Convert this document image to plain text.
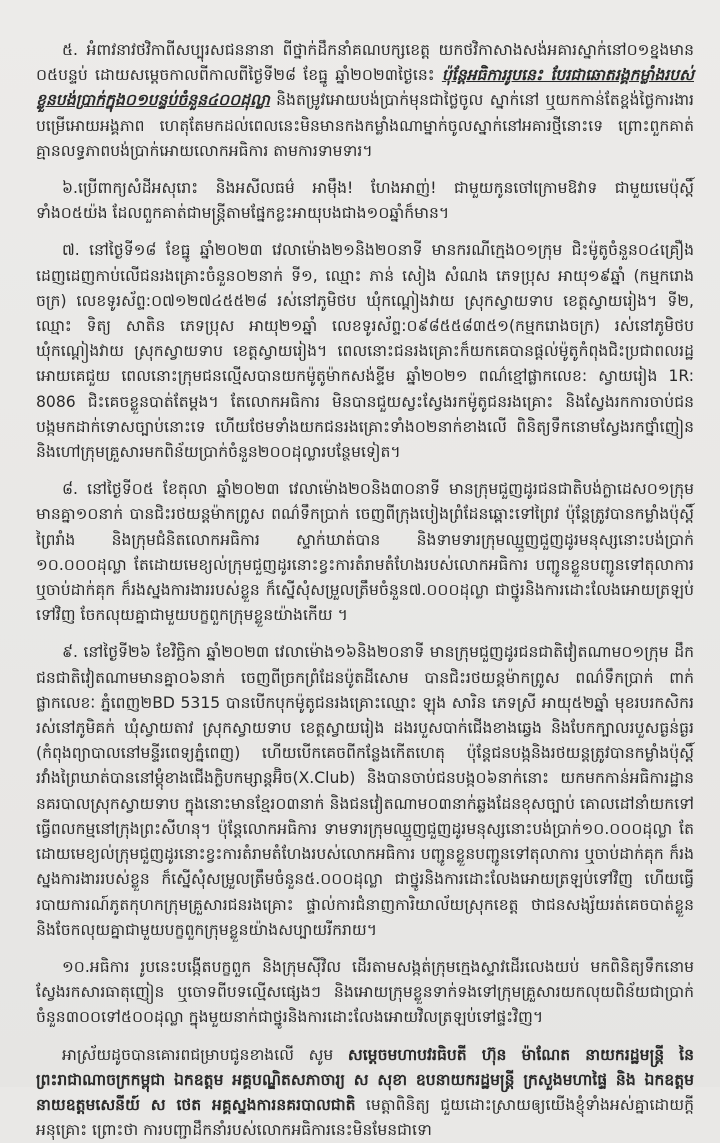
៥. អំពាវនាវថវិកាពីសប្បុរសជននានា ពីថ្នាក់ដឹកនាំគណបក្សខេត្ត យកថវិកាសាងសង់អគារស្នាក់នៅ០១ខ្នងមាន ០៥បន្ទប់ ដោយសម្តេចកាលពីកាលពីថ្ងៃទី២៨ ខែធ្នូ ឆ្នាំ២០២៣ថ្ងៃនេះ ប៉ុន្តែអធិការរូបនេះ បែរជាឆោតរង្គកម្លាំងរបស់ខ្លួនបង់ប្រាក់ក្នុង០១បន្ទប់ចំនួន៤០០ដុល្លា និងតម្រូវអោយបង់ប្រាក់មុនជាថ្លៃចូល ស្នាក់នៅ ឬយកកាន់តែខ្ពង់ថ្លៃការងារបម្រើអោយអង្គភាព ហេតុតែមកដល់ពេលនេះមិនមានកងកម្លាំងណាម្នាក់ចូលស្នាក់នៅអគារថ្មីនោះទេ ព្រោះពួកគាត់គ្មានលទ្ធភាពបង់ប្រាក់អោយលោកអធិការ តាមការទាមទារ។

៦.ប្រើពាក្យសំដីអសុរោះ និងអសីលធម៌ អាម៉ឹង! ហែងអាញ់! ជាមួយកូនចៅក្រោមឱវាទ ជាមួយមេប៉ុស្តិ៍ទាំង០៥យ៉ង ដែលពួកគាត់ជាមន្ត្រីតាមផ្នែកខ្លះអាយុបងជាង១០ឆ្នាំក៏មាន។

៧. នៅថ្ងៃទី១៨ ខែធ្នូ ឆ្នាំ២០២៣ វេលាម៉ោង២១និង២០នាទី មានករណីក្មេង០១ក្រុម ជិះម៉ូតូចំនួន០៤គ្រឿង ដេញដេញកាប់លើជនរងគ្រោះចំនួន០២នាក់ ទី១, ឈ្មោះ ភាន់ សៀង សំណង ភេទប្រុស អាយុ១៩ឆ្នាំ (កម្មករោងចក្រ) លេខទូរស័ព្ទ:០៧១២៧៤៥៥២៨ រស់នៅភូមិថប ឃុំកណ្តៀងវាយ ស្រុកស្វាយទាប ខេត្តស្វាយរៀង។ ទី២, ឈ្មោះ ទិត្យ សាតិន ភេទប្រុស អាយុ២១ឆ្នាំ លេខទូរស័ព្ទ:០៩៨៥៥៨៣៥១(កម្មករោងចក្រ) រស់នៅភូមិថប ឃុំកណ្តៀងវាយ ស្រុកស្វាយទាប ខេត្តស្វាយរៀង។ ពេលនោះជនរងគ្រោះក៏យកគេបានផ្តល់ម៉ូតូកំពុងជិះប្រជាពលរដ្ឋអោយគេជួយ ពេលនោះក្រុមជនល្មើសបានយកម៉ូតូម៉ាកសង់ខ្ទីម ឆ្នាំ២០២១ ពណ៌ខ្មៅផ្លាកលេខ: ស្វាយរៀង 1R: 8086 ជិះគេចខ្លួនបាត់តែម្តង។ តែលោកអធិការ មិនបានជួយស្វះស្វែងរកម៉ូតូជនរងគ្រោះ និងស្វែងរកការចាប់ជនបង្កមកដាក់ទោសច្បាប់នោះទេ ហើយថែមទាំងយកជនរងគ្រោះទាំង០២នាក់ខាងលើ ពិនិត្យទឹកនោមស្វែងរកថ្នាំញៀន និងហៅក្រុមគ្រួសារមកពិន័យប្រាក់ចំនួន២០០ដុល្លារបន្ថែមទៀត។

៨. នៅថ្ងៃទី០៥ ខែតុលា ឆ្នាំ២០២៣ វេលាម៉ោង២០និង៣០នាទី មានក្រុមជួញដូរជនជាតិបង់ក្លាដេស០១ក្រុម មានគ្នា១០នាក់ បានជិះរថយន្តម៉ាកព្រូស ពណ៌ទឹកប្រាក់ ចេញពីក្រុងបៀងព្រំដែនឆ្ពោះទៅព្រៃវ ប៉ុន្តែត្រូវបានកម្លាំងប៉ុស្តិ៍ព្រៃរាំង និងក្រុមជំនិតលោកអធិការ ស្ទាក់ឃាត់បាន និងទាមទារក្រុមឈ្មួញជួញដូរមនុស្សនោះបង់ប្រាក់ ១០.០០០ដុល្លា តែដោយមេខ្យល់ក្រុមជួញដូរនោះខ្វះការតំរាមតំហែងរបស់លោកអធិការ បញ្ជូនខ្លួនបញ្ជូនទៅតុលាការ ឬចាប់ដាក់គុក ក៏រងស្នងការងាររបស់ខ្លួន ក៏ស្នើសុំសម្រួលត្រឹមចំនួន៧.០០០ដុល្លា ជាថ្នូរនិងការដោះលែងអោយត្រឡប់ទៅវិញ ចែកលុយគ្នាជាមួយបក្ខពួកក្រុមខ្លួនយ៉ាងកើយ ។

៩. នៅថ្ងៃទី២៦ ខែវិច្ឆិកា ឆ្នាំ២០២៣ វេលាម៉ោង១៦និង២០នាទី មានក្រុមជួញដូរជនជាតិវៀតណាម០១ក្រុម ដឹកជនជាតិវៀតណាមមានគ្នា០៦នាក់ ចេញពីច្រកព្រំដែនប៉ូតដីសោម បានជិះរថយន្តម៉ាកព្រូស ពណ៌ទឹកប្រាក់ ពាក់ផ្លាកលេខៈ ភ្នំពេញ២BD 5315 បានបើកបុកម៉ូតូជនរងគ្រោះឈ្មោះ ឡុង សារិន ភេទស្រី អាយុ៥២ឆ្នាំ មុខរបរកសិករ រស់នៅភូមិគក់ ឃុំស្វាយតាវ ស្រុកស្វាយទាប ខេត្តស្វាយរៀង ដងរបួសបាក់ជើងខាងឆ្វេង និងបែកក្បាលរបួសធ្ងន់ធ្ងរ (កំពុងព្យាបាលនៅមន្ទីរពេទ្យភ្នំពេញ) ហើយបើកគេចពីកន្លែងកើតហេតុ ប៉ុន្តែជនបង្កនិងរថយន្តត្រូវបានកម្លាំងប៉ុស្តិ៍រវាំងព្រៃឃាត់បាននៅម្តុំខាងជើងក្លិបកម្សាន្តអ៊ិច(X.Club) និងបានចាប់ជនបង្ក០៦នាក់នោះ យកមកកាន់អធិការដ្ឋាននគរបាលស្រុកស្វាយទាប ក្នុងនោះមានខ្មែរ០៣នាក់ និងជនវៀតណាម០៣នាក់ឆ្លងដែនខុសច្បាប់ គោលដៅនាំយកទៅធ្វើពលកម្មនៅក្រុងព្រះសីហនុ។ ប៉ុន្តែលោកអធិការ ទាមទារក្រុមឈ្មួញជួញដូរមនុស្សនោះបង់ប្រាក់១០.០០០ដុល្លា តែដោយមេខ្យល់ក្រុមជួញដូរនោះខ្វះការតំរាមតំហែងរបស់លោកអធិការ បញ្ជូនខ្លួនបញ្ជូនទៅតុលាការ ឬចាប់ដាក់គុក ក៏រងស្នងការងាររបស់ខ្លួន ក៏ស្នើសុំសម្រួលត្រឹមចំនួន៥.០០០ដុល្លា ជាថ្នូរនិងការដោះលែងអោយត្រឡប់ទៅវិញ ហើយធ្វើរបាយការណ៍ភូតកុហកក្រុមគ្រួសារជនរងគ្រោះ ផ្ទាល់ការជំនាញការិយាល័យស្រុកខេត្ត ថាជនសង្ស័យរត់គេចបាត់ខ្លួន និងចែកលុយគ្នាជាមួយបក្ខពួកក្រុមខ្លួនយ៉ាងសប្បាយរីករាយ។

១០.អធិការ រូបនេះបង្កើតបក្ខពួក និងក្រុមស៊ីវិល ដើរតាមសង្កត់ក្រុមក្មេងស្ទាវដើរលេងយប់ មកពិនិត្យទឹកនោម ស្វែងរកសារធាតុញៀន ឬចោទពីបទល្មើសផ្សេងៗ និងអោយក្រុមខ្លួនទាក់ទងទៅក្រុមគ្រួសារយកលុយពិន័យជាប្រាក់ចំនួន៣០០ទៅ៥០០ដុល្លា ក្នុងមួយនាក់ជាថ្នូរនិងការដោះលែងអោយវិលត្រឡប់ទៅផ្ទះវិញ។

អាស្រ័យដូចបានគោរពជម្រាបជូនខាងលើ សូម សម្តេចមហាបវរធិបតី ហ៊ុន ម៉ាណែត នាយករដ្ឋមន្ត្រី នៃព្រះរាជាណាចក្រកម្ពុជា ឯកឧត្តម អគ្គបណ្ឌិតសភាចារ្យ ស សុខា ឧបនាយករដ្ឋមន្ត្រី ក្រសួងមហាផ្ទៃ និង ឯកឧត្តម នាយឧត្តមសេនីយ៍ ស ថេត អគ្គស្នងការនគរបាលជាតិ មេត្តាពិនិត្យ ជួយដោះស្រាយឲ្យយើងខ្ញុំទាំងអស់គ្នាដោយក្តីអនុគ្រោះ ព្រោះថា ការបញ្ជាដឹកនាំរបស់លោកអធិការនេះមិនមែនជាទោ
